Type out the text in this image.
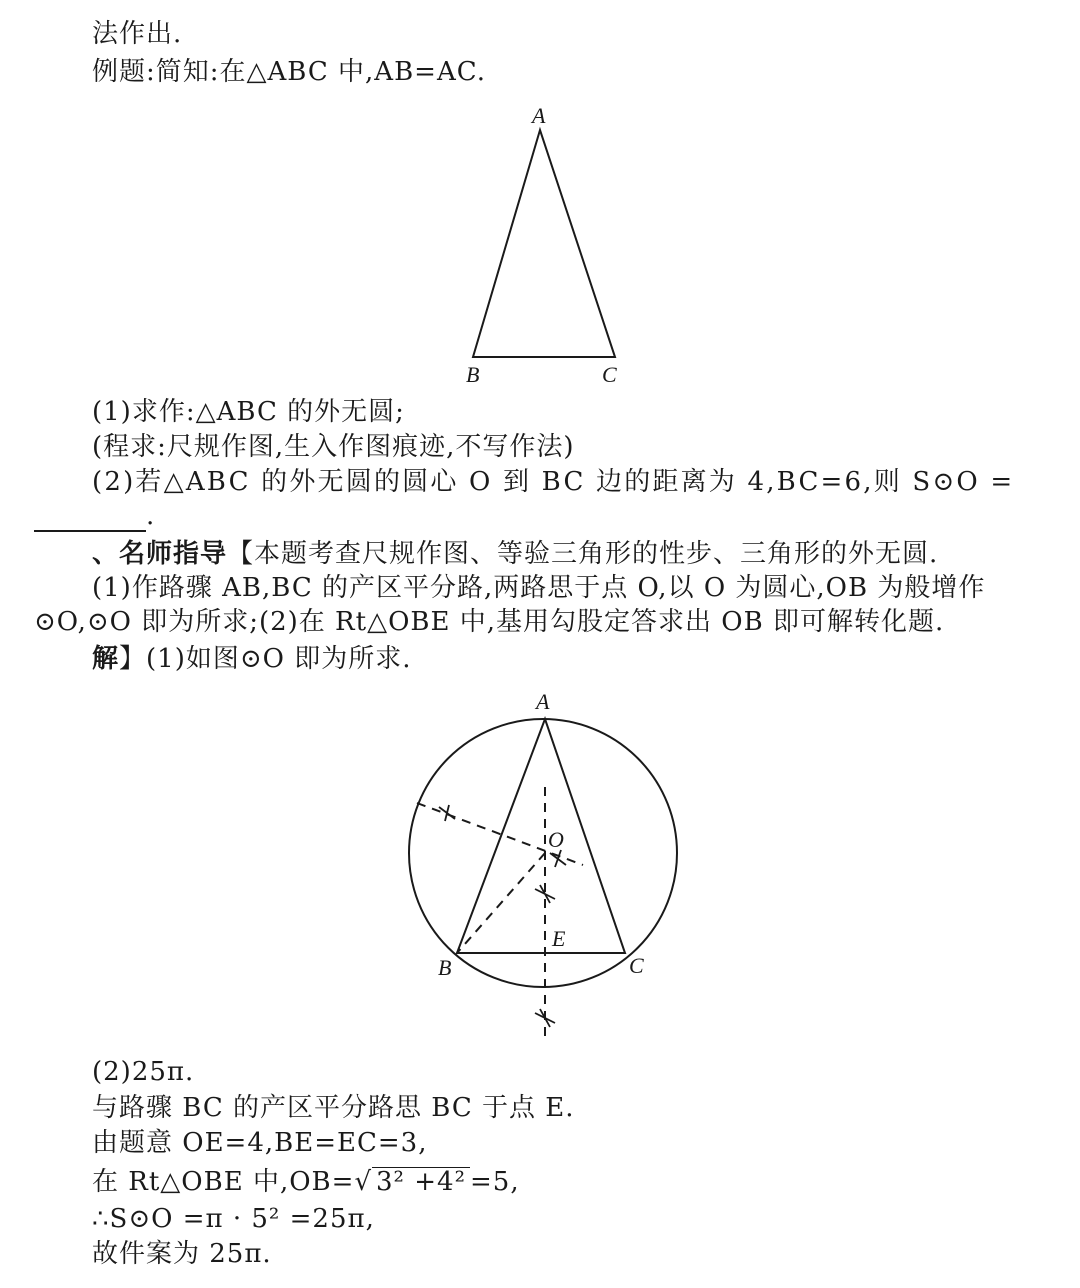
法作出.
例题:简知:在△ABC 中,AB=AC.
A
B	C
(1)求作:△ABC 的外无圆;
(程求:尺规作图,生入作图痕迹,不写作法)
(2)若△ABC 的外无圆的圆心 O 到 BC 边的距离为 4,BC=6,则 S⊙O =
.
、名师指导【本题考查尺规作图、等验三角形的性步、三角形的外无圆.
(1)作路骤 AB,BC 的产区平分路,两路思于点 O,以 O 为圆心,OB 为般增作
⊙O,⊙O 即为所求;(2)在 Rt△OBE 中,基用勾股定答求出 OB 即可解转化题.
解】(1)如图⊙O 即为所求.
A
B	C
O
E
(2)25π.
与路骤 BC 的产区平分路思 BC 于点 E.
由题意 OE=4,BE=EC=3,
在 Rt△OBE 中,OB=√ 3² +4² =5,
∴S⊙O =π · 5² =25π,
故件案为 25π.
